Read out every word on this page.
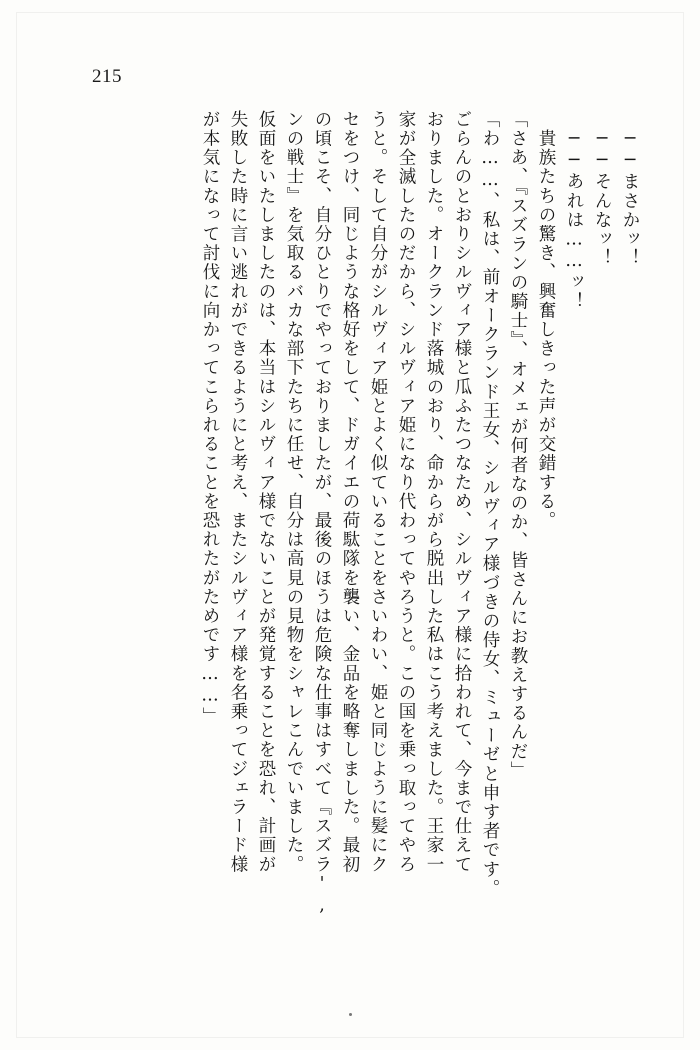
215
　──まさかッ！
　──そんなッ！
　──あれは……ッ！
　貴族たちの驚き、興奮しきった声が交錯する。
「さあ、『スズランの騎士』、オメェが何者なのか、皆さんにお教えするんだ」
「わ……、私は、前オークランド王女、シルヴィア様づきの侍女、ミューゼと申す者です。
ごらんのとおりシルヴィア様と瓜ふたつなため、シルヴィア様に拾われて、今まで仕えて
おりました。オークランド落城のおり、命からがら脱出した私はこう考えました。王家一
家が全滅したのだから、シルヴィア姫になり代わってやろうと。この国を乗っ取ってやろ
うと。そして自分がシルヴィア姫とよく似ていることをさいわい、姫と同じように髪にク
セをつけ、同じような格好をして、ドガイエの荷駄隊を襲い、金品を略奪しました。最初
の頃こそ、自分ひとりでやっておりましたが、最後のほうは危険な仕事はすべて『スズラ',
ンの戦士』を気取るバカな部下たちに任せ、自分は高見の見物をシャレこんでいました。
仮面をいたしましたのは、本当はシルヴィア様でないことが発覚することを恐れ、計画が
失敗した時に言い逃れができるようにと考え、またシルヴィア様を名乗ってジェラード様
が本気になって討伐に向かってこられることを恐れたがためです……」
